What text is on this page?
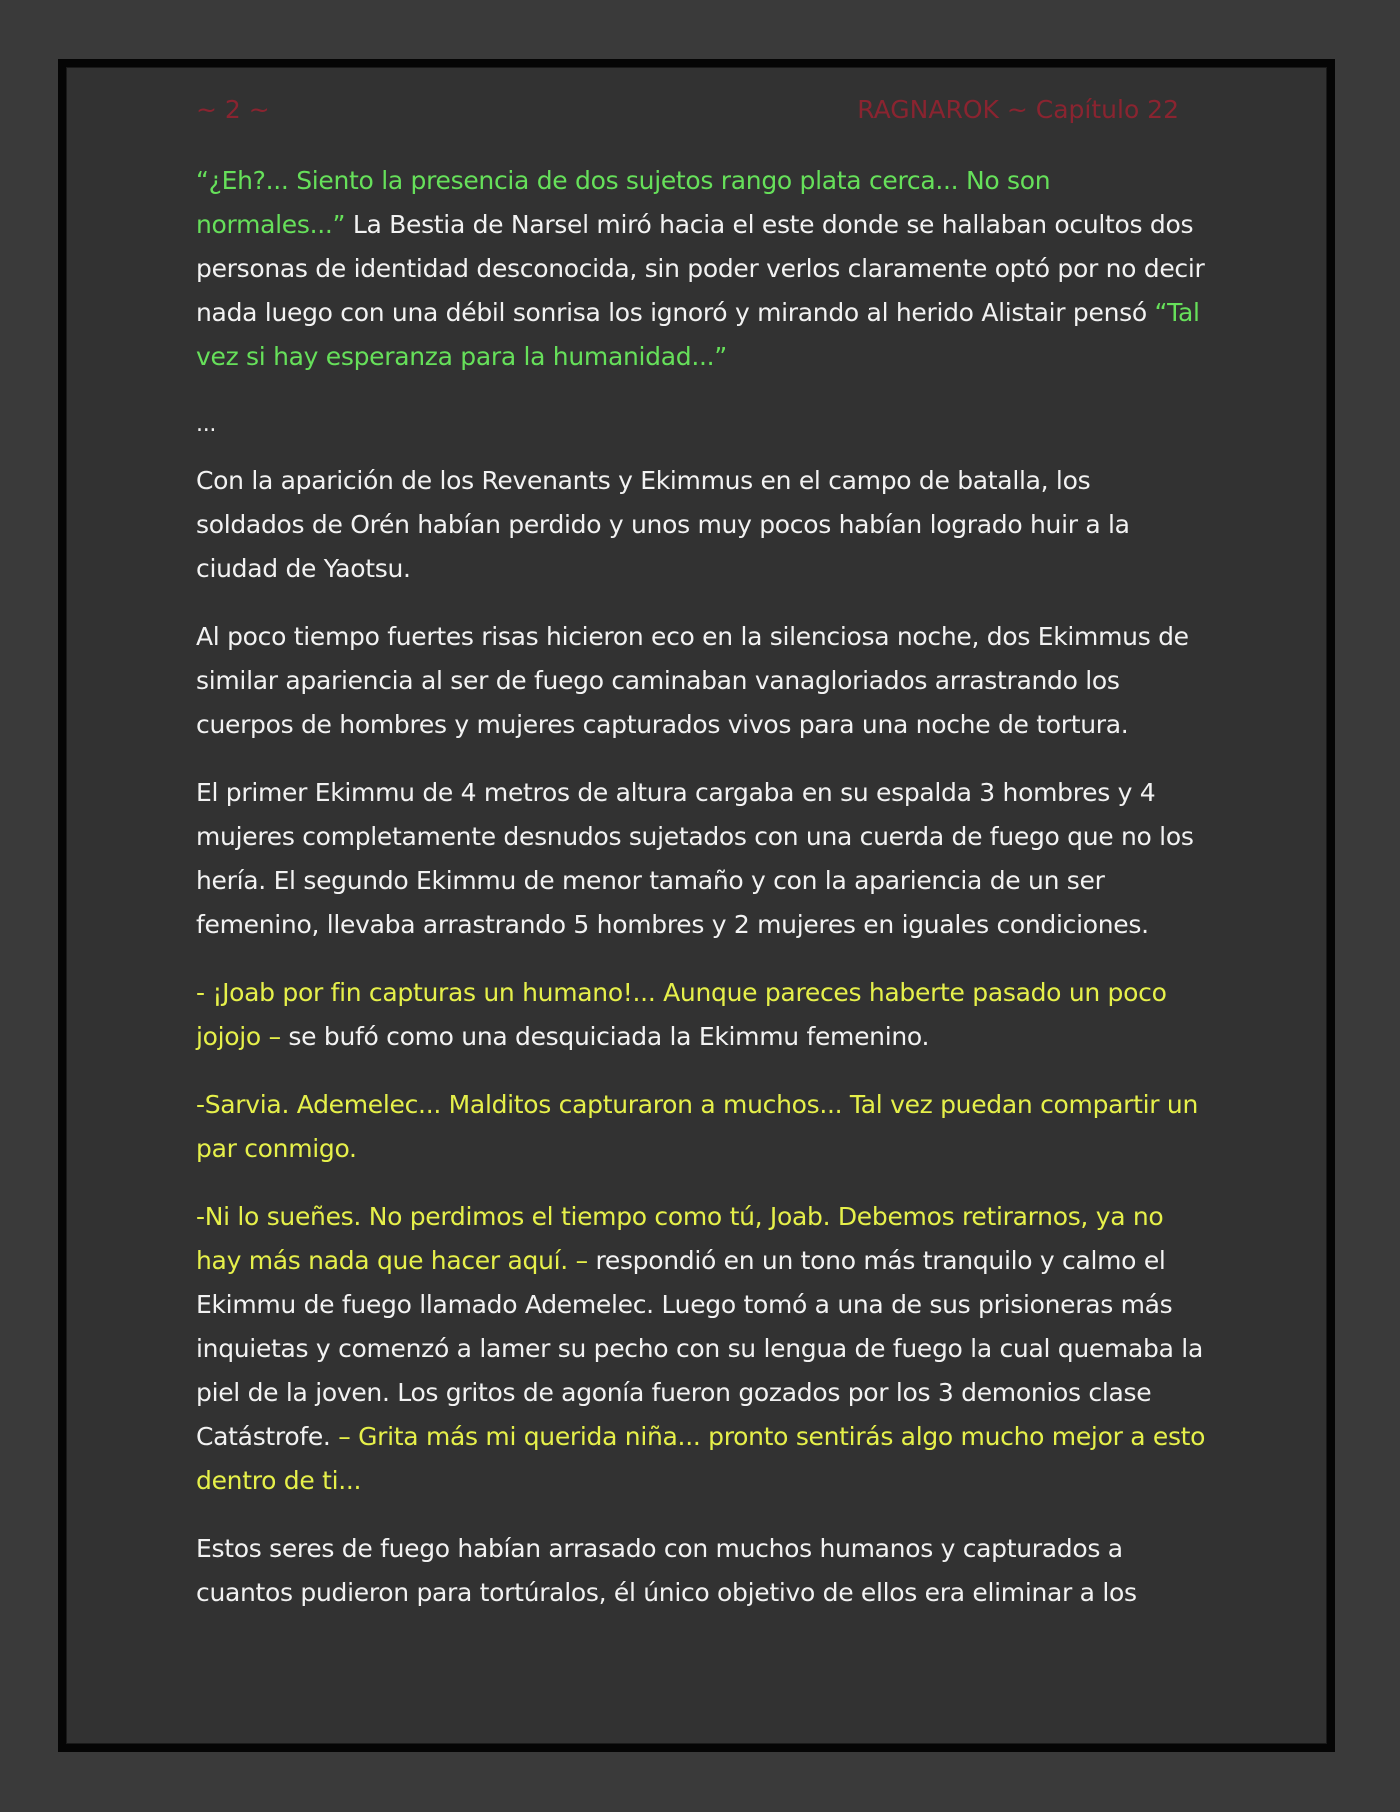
~ 2 ~	RAGNAROK ~ Capítulo 22

“¿Eh?... Siento la presencia de dos sujetos rango plata cerca... No son normales...” La Bestia de Narsel miró hacia el este donde se hallaban ocultos dos personas de identidad desconocida, sin poder verlos claramente optó por no decir nada luego con una débil sonrisa los ignoró y mirando al herido Alistair pensó “Tal vez si hay esperanza para la humanidad...”

...

Con la aparición de los Revenants y Ekimmus en el campo de batalla, los soldados de Orén habían perdido y unos muy pocos habían logrado huir a la ciudad de Yaotsu.

Al poco tiempo fuertes risas hicieron eco en la silenciosa noche, dos Ekimmus de similar apariencia al ser de fuego caminaban vanagloriados arrastrando los cuerpos de hombres y mujeres capturados vivos para una noche de tortura.

El primer Ekimmu de 4 metros de altura cargaba en su espalda 3 hombres y 4 mujeres completamente desnudos sujetados con una cuerda de fuego que no los hería. El segundo Ekimmu de menor tamaño y con la apariencia de un ser femenino, llevaba arrastrando 5 hombres y 2 mujeres en iguales condiciones.

- ¡Joab por fin capturas un humano!... Aunque pareces haberte pasado un poco jojojo – se bufó como una desquiciada la Ekimmu femenino.

-Sarvia. Ademelec... Malditos capturaron a muchos... Tal vez puedan compartir un par conmigo.

-Ni lo sueñes. No perdimos el tiempo como tú, Joab. Debemos retirarnos, ya no hay más nada que hacer aquí. – respondió en un tono más tranquilo y calmo el Ekimmu de fuego llamado Ademelec. Luego tomó a una de sus prisioneras más inquietas y comenzó a lamer su pecho con su lengua de fuego la cual quemaba la piel de la joven. Los gritos de agonía fueron gozados por los 3 demonios clase Catástrofe. – Grita más mi querida niña... pronto sentirás algo mucho mejor a esto dentro de ti...

Estos seres de fuego habían arrasado con muchos humanos y capturados a cuantos pudieron para tortúralos, él único objetivo de ellos era eliminar a los
